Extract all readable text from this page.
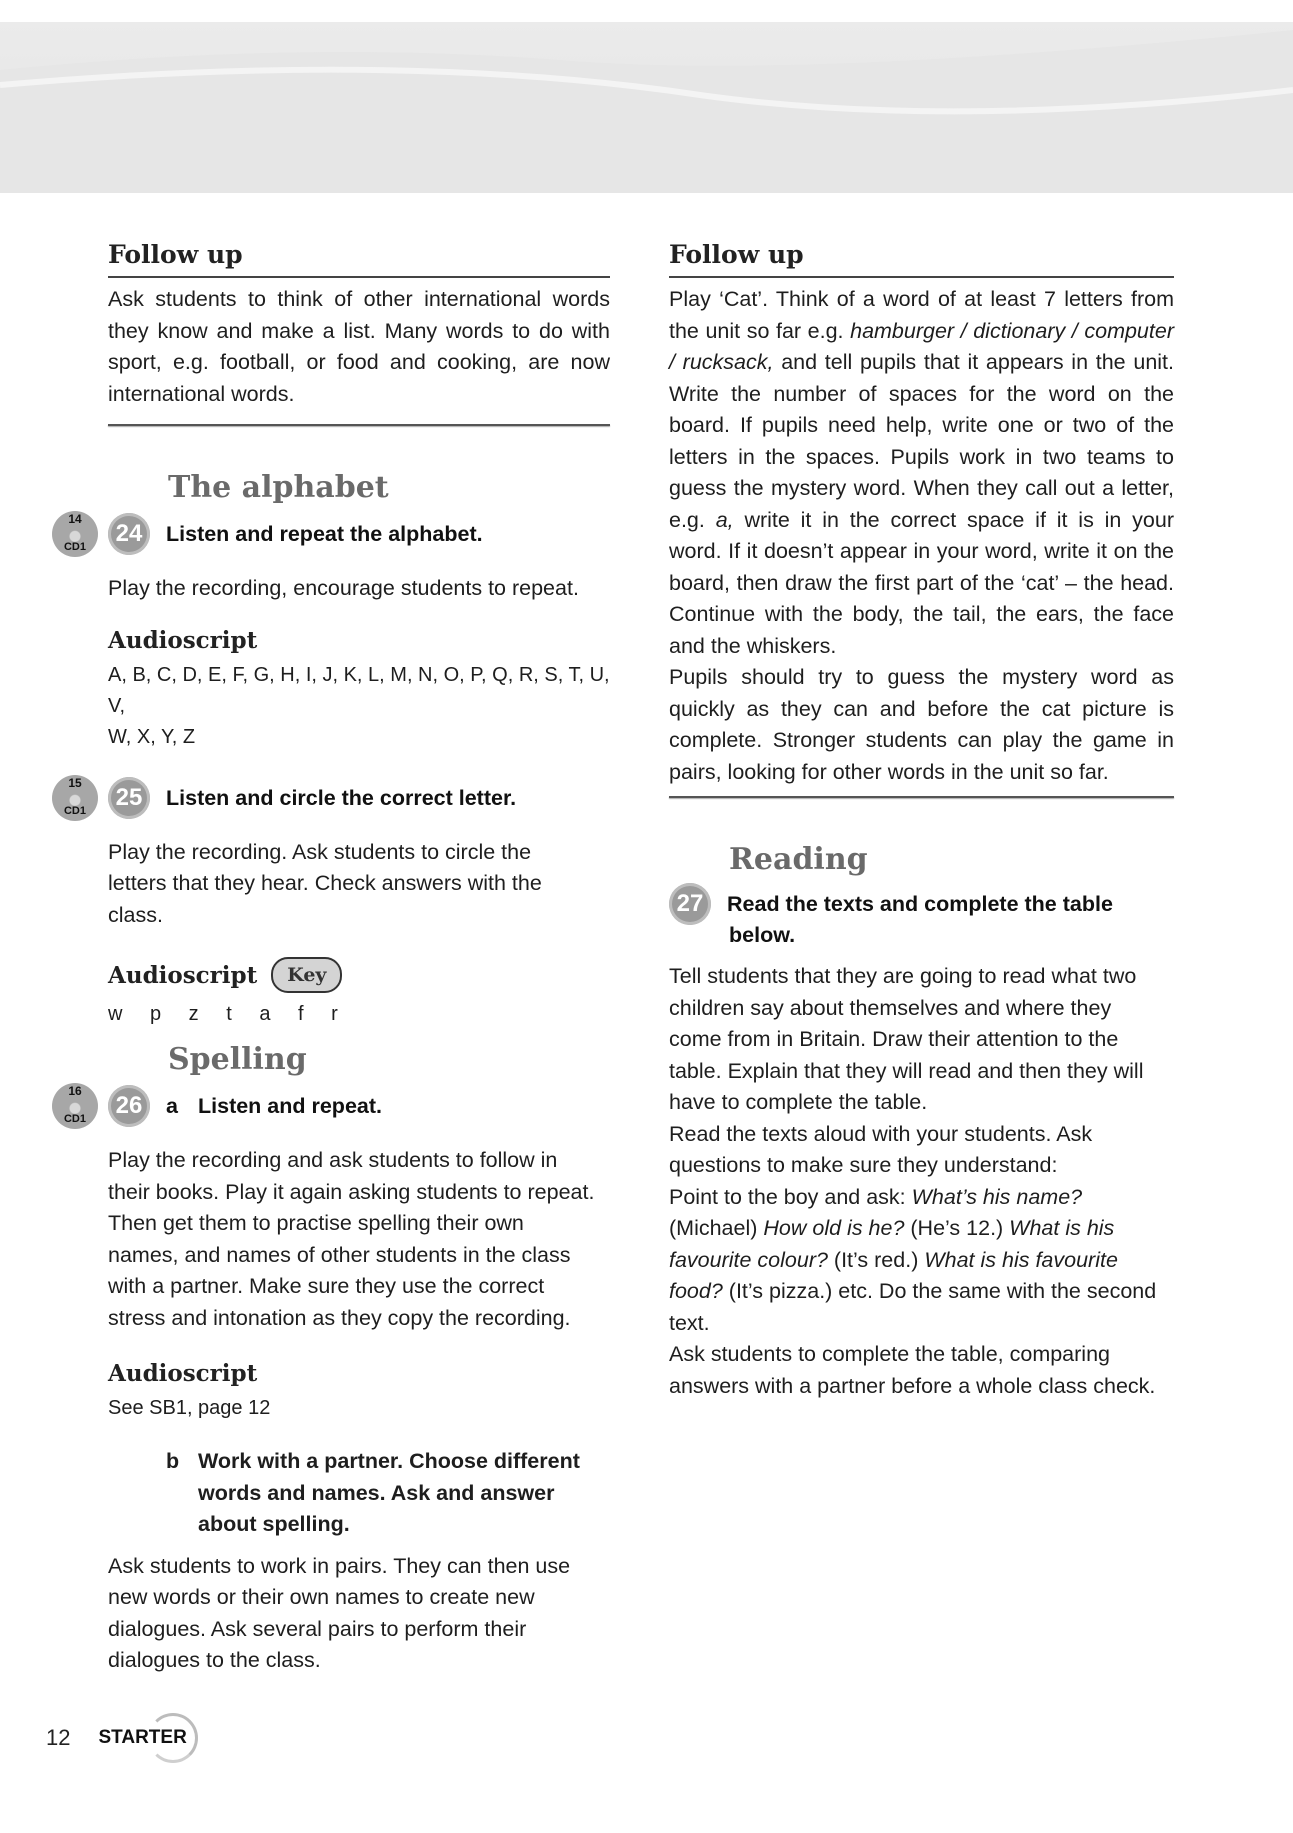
Follow up

Ask students to think of other international words they know and make a list. Many words to do with sport, e.g. football, or food and cooking, are now international words.

The alphabet
14
CD1	24	Listen and repeat the alphabet.

Play the recording, encourage students to repeat.

Audioscript

A, B, C, D, E, F, G, H, I, J, K, L, M, N, O, P, Q, R, S, T, U, V,

W, X, Y, Z

15
CD1	25	Listen and circle the correct letter.

Play the recording. Ask students to circle the letters that they hear. Check answers with the class.

Audioscript	Key

w p z t a f r

Spelling
16
CD1	26	a Listen and repeat.

Play the recording and ask students to follow in their books. Play it again asking students to repeat. Then get them to practise spelling their own names, and names of other students in the class with a partner. Make sure they use the correct stress and intonation as they copy the recording.

Audioscript

See SB1, page 12

b Work with a partner. Choose different words and names. Ask and answer about spelling.

Ask students to work in pairs. They can then use new words or their own names to create new dialogues. Ask several pairs to perform their dialogues to the class.

Follow up

Play ‘Cat’. Think of a word of at least 7 letters from the unit so far e.g. hamburger / dictionary / computer / rucksack, and tell pupils that it appears in the unit. Write the number of spaces for the word on the board. If pupils need help, write one or two of the letters in the spaces. Pupils work in two teams to guess the mystery word. When they call out a letter, e.g. a, write it in the correct space if it is in your word. If it doesn’t appear in your word, write it on the board, then draw the first part of the ‘cat’ – the head. Continue with the body, the tail, the ears, the face and the whiskers.

Pupils should try to guess the mystery word as quickly as they can and before the cat picture is complete. Stronger students can play the game in pairs, looking for other words in the unit so far.

Reading
27	Read the texts and complete the table
below.

Tell students that they are going to read what two children say about themselves and where they come from in Britain. Draw their attention to the table. Explain that they will read and then they will have to complete the table.

Read the texts aloud with your students. Ask questions to make sure they understand:

Point to the boy and ask: What’s his name? (Michael) How old is he? (He’s 12.) What is his favourite colour? (It’s red.) What is his favourite food? (It’s pizza.) etc. Do the same with the second text.

Ask students to complete the table, comparing answers with a partner before a whole class check.

12 STARTER
